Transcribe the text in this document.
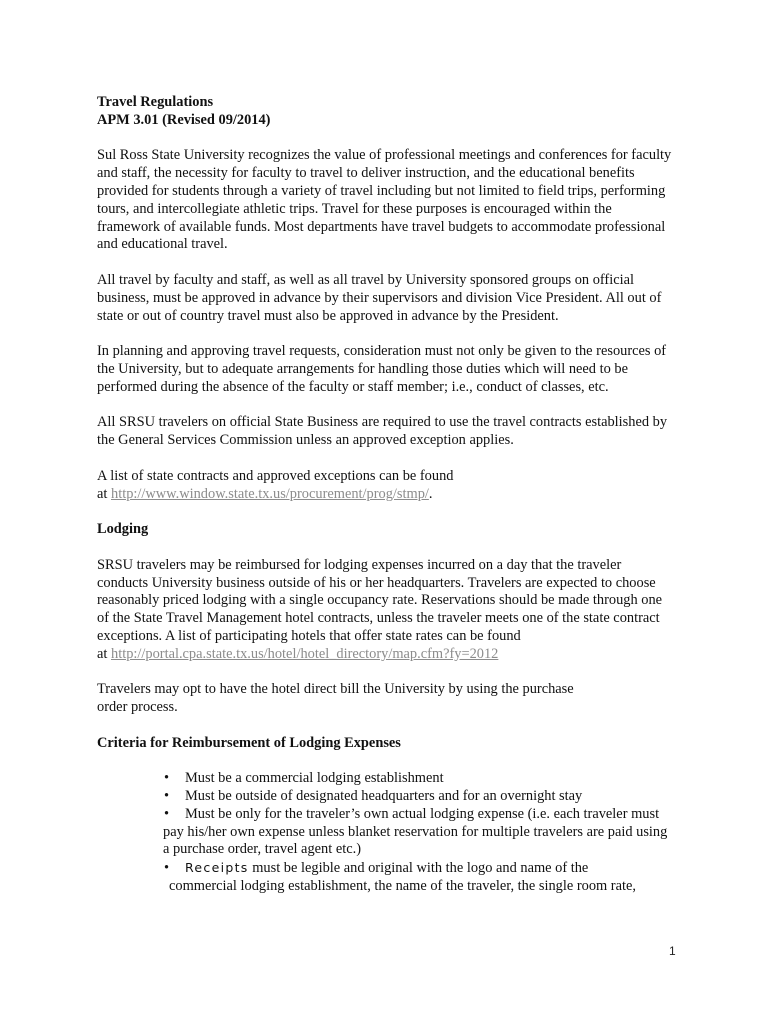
Travel Regulations

APM 3.01 (Revised 09/2014)

Sul Ross State University recognizes the value of professional meetings and conferences for faculty and staff, the necessity for faculty to travel to deliver instruction, and the educational benefits provided for students through a variety of travel including but not limited to field trips, performing tours, and intercollegiate athletic trips. Travel for these purposes is encouraged within the framework of available funds. Most departments have travel budgets to accommodate professional and educational travel.

All travel by faculty and staff, as well as all travel by University sponsored groups on official business, must be approved in advance by their supervisors and division Vice President. All out of state or out of country travel must also be approved in advance by the President.

In planning and approving travel requests, consideration must not only be given to the resources of the University, but to adequate arrangements for handling those duties which will need to be performed during the absence of the faculty or staff member; i.e., conduct of classes, etc.

All SRSU travelers on official State Business are required to use the travel contracts established by the General Services Commission unless an approved exception applies.

A list of state contracts and approved exceptions can be found
at http://www.window.state.tx.us/procurement/prog/stmp/.

Lodging

SRSU travelers may be reimbursed for lodging expenses incurred on a day that the traveler conducts University business outside of his or her headquarters. Travelers are expected to choose reasonably priced lodging with a single occupancy rate. Reservations should be made through one of the State Travel Management hotel contracts, unless the traveler meets one of the state contract exceptions. A list of participating hotels that offer state rates can be found
at http://portal.cpa.state.tx.us/hotel/hotel_directory/map.cfm?fy=2012

Travelers may opt to have the hotel direct bill the University by using the purchase
order process.

Criteria for Reimbursement of Lodging Expenses

• Must be a commercial lodging establishment
• Must be outside of designated headquarters and for an overnight stay
• Must be only for the traveler’s own actual lodging expense (i.e. each traveler must pay his/her own expense unless blanket reservation for multiple travelers are paid using a purchase order, travel agent etc.)
• Receipts must be legible and original with the logo and name of the
commercial lodging establishment, the name of the traveler, the single room rate,
1
